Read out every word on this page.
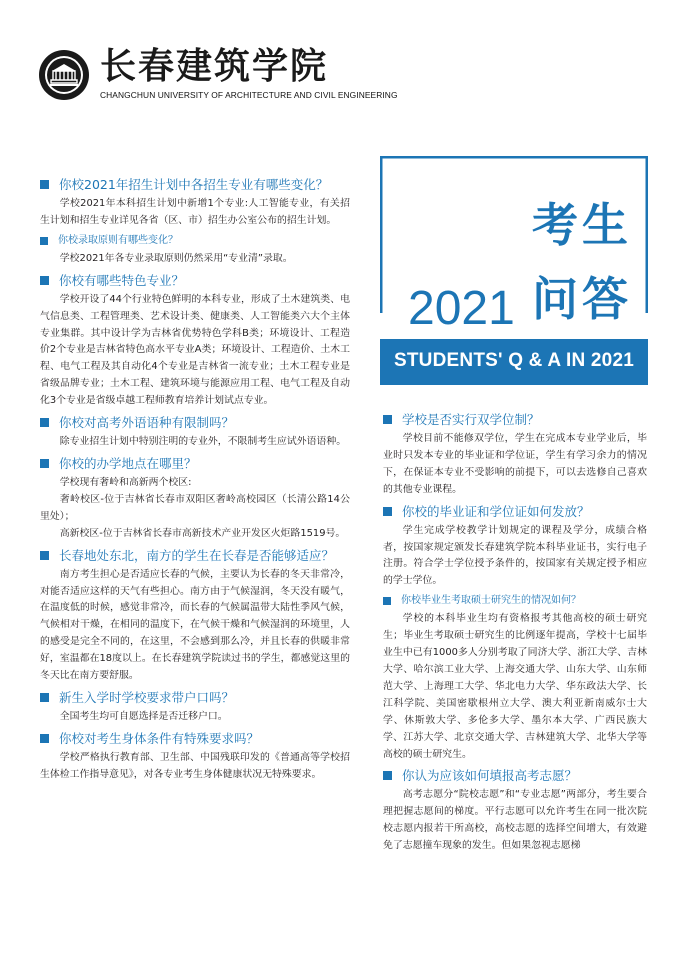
长春建筑学院
CHANGCHUN UNIVERSITY OF ARCHITECTURE AND CIVIL ENGINEERING
考生
2021 问答
STUDENTS' Q & A IN 2021
你校2021年招生计划中各招生专业有哪些变化？

学校2021年本科招生计划中新增1个专业:人工智能专业，有关招生计划和招生专业详见各省（区、市）招生办公室公布的招生计划。

你校录取原则有哪些变化？

学校2021年各专业录取原则仍然采用“专业清”录取。

你校有哪些特色专业？

学校开设了44个行业特色鲜明的本科专业，形成了土木建筑类、电气信息类、工程管理类、艺术设计类、健康类、人工智能类六大个主体专业集群。其中设计学为吉林省优势特色学科B类；环境设计、工程造价2个专业是吉林省特色高水平专业A类；环境设计、工程造价、土木工程、电气工程及其自动化4个专业是吉林省一流专业；土木工程专业是省级品牌专业；土木工程、建筑环境与能源应用工程、电气工程及自动化3个专业是省级卓越工程师教育培养计划试点专业。

你校对高考外语语种有限制吗？

除专业招生计划中特别注明的专业外，不限制考生应试外语语种。

你校的办学地点在哪里？

学校现有奢岭和高新两个校区:

奢岭校区-位于吉林省长春市双阳区奢岭高校园区（长清公路14公里处）；

高新校区-位于吉林省长春市高新技术产业开发区火炬路1519号。

长春地处东北，南方的学生在长春是否能够适应？

南方考生担心是否适应长春的气候，主要认为长春的冬天非常冷，对能否适应这样的天气有些担心。南方由于气候湿润，冬天没有暖气，在温度低的时候，感觉非常冷，而长春的气候属温带大陆性季风气候，气候相对干燥，在相同的温度下，在气候干燥和气候湿润的环境里，人的感受是完全不同的，在这里，不会感到那么冷，并且长春的供暖非常好，室温都在18度以上。在长春建筑学院读过书的学生，都感觉这里的冬天比在南方要舒服。

新生入学时学校要求带户口吗？

全国考生均可自愿选择是否迁移户口。

你校对考生身体条件有特殊要求吗？

学校严格执行教育部、卫生部、中国残联印发的《普通高等学校招生体检工作指导意见》，对各专业考生身体健康状况无特殊要求。

学校是否实行双学位制？

学校目前不能修双学位，学生在完成本专业学业后，毕业时只发本专业的毕业证和学位证，学生有学习余力的情况下，在保证本专业不受影响的前提下，可以去选修自己喜欢的其他专业课程。

你校的毕业证和学位证如何发放？

学生完成学校教学计划规定的课程及学分，成绩合格者，按国家规定颁发长春建筑学院本科毕业证书，实行电子注册。符合学士学位授予条件的，按国家有关规定授予相应的学士学位。

你校毕业生考取硕士研究生的情况如何？

学校的本科毕业生均有资格报考其他高校的硕士研究生；毕业生考取硕士研究生的比例逐年提高，学校十七届毕业生中已有1000多人分别考取了同济大学、浙江大学、吉林大学、哈尔滨工业大学、上海交通大学、山东大学、山东师范大学、上海理工大学、华北电力大学、华东政法大学、长江科学院、美国密歇根州立大学、澳大利亚新南威尔士大学、休斯敦大学、多伦多大学、墨尔本大学、广西民族大学、江苏大学、北京交通大学、吉林建筑大学、北华大学等高校的硕士研究生。

你认为应该如何填报高考志愿？

高考志愿分“院校志愿”和“专业志愿”两部分，考生要合理把握志愿间的梯度。平行志愿可以允许考生在同一批次院校志愿内报若干所高校，高校志愿的选择空间增大，有效避免了志愿撞车现象的发生。但如果忽视志愿梯
